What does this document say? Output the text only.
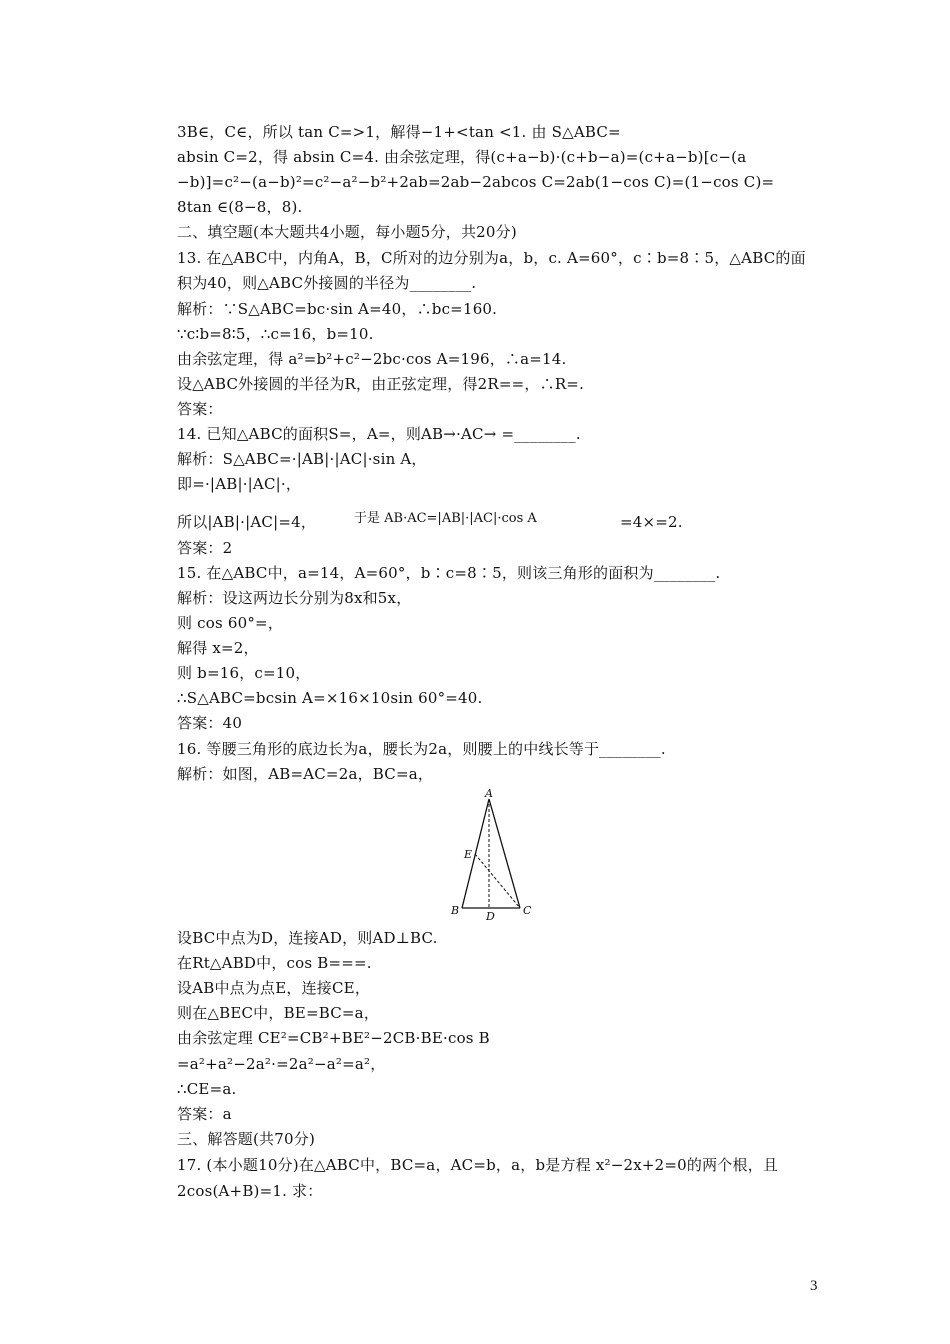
3B∈，C∈，所以 tan C=>1，解得−1+<tan <1. 由 S△ABC=
absin C=2，得 absin C=4. 由余弦定理，得(c+a−b)·(c+b−a)=(c+a−b)[c−(a
−b)]=c²−(a−b)²=c²−a²−b²+2ab=2ab−2abcos C=2ab(1−cos C)=(1−cos C)=
8tan ∈(8−8，8).
二、填空题(本大题共4小题，每小题5分，共20分)
13. 在△ABC中，内角A，B，C所对的边分别为a，b，c. A=60°，c∶b=8∶5，△ABC的面
积为40，则△ABC外接圆的半径为________.
解析：∵S△ABC=bc·sin A=40，∴bc=160.
∵c∶b=8∶5，∴c=16，b=10.
由余弦定理，得 a²=b²+c²−2bc·cos A=196，∴a=14.
设△ABC外接圆的半径为R，由正弦定理，得2R==，∴R=.
答案：
14. 已知△ABC的面积S=，A=，则AB→·AC→ =________.
解析：S△ABC=·|AB|·|AC|·sin A，
即=·|AB|·|AC|·，
所以|AB|·|AC|=4，	于是 AB·AC=|AB|·|AC|·cos A	=4×=2.
答案：2
15. 在△ABC中，a=14，A=60°，b∶c=8∶5，则该三角形的面积为________.
解析：设这两边长分别为8x和5x，
则 cos 60°=，
解得 x=2，
则 b=16，c=10，
∴S△ABC=bcsin A=×16×10sin 60°=40.
答案：40
16. 等腰三角形的底边长为a，腰长为2a，则腰上的中线长等于________.
解析：如图，AB=AC=2a，BC=a，
A
B	C
D
E
设BC中点为D，连接AD，则AD⊥BC.
在Rt△ABD中，cos B===.
设AB中点为点E，连接CE，
则在△BEC中，BE=BC=a，
由余弦定理 CE²=CB²+BE²−2CB·BE·cos B
=a²+a²−2a²·=2a²−a²=a²，
∴CE=a.
答案：a
三、解答题(共70分)
17. (本小题10分)在△ABC中，BC=a，AC=b，a，b是方程 x²−2x+2=0的两个根，且
2cos(A+B)=1. 求：
3
